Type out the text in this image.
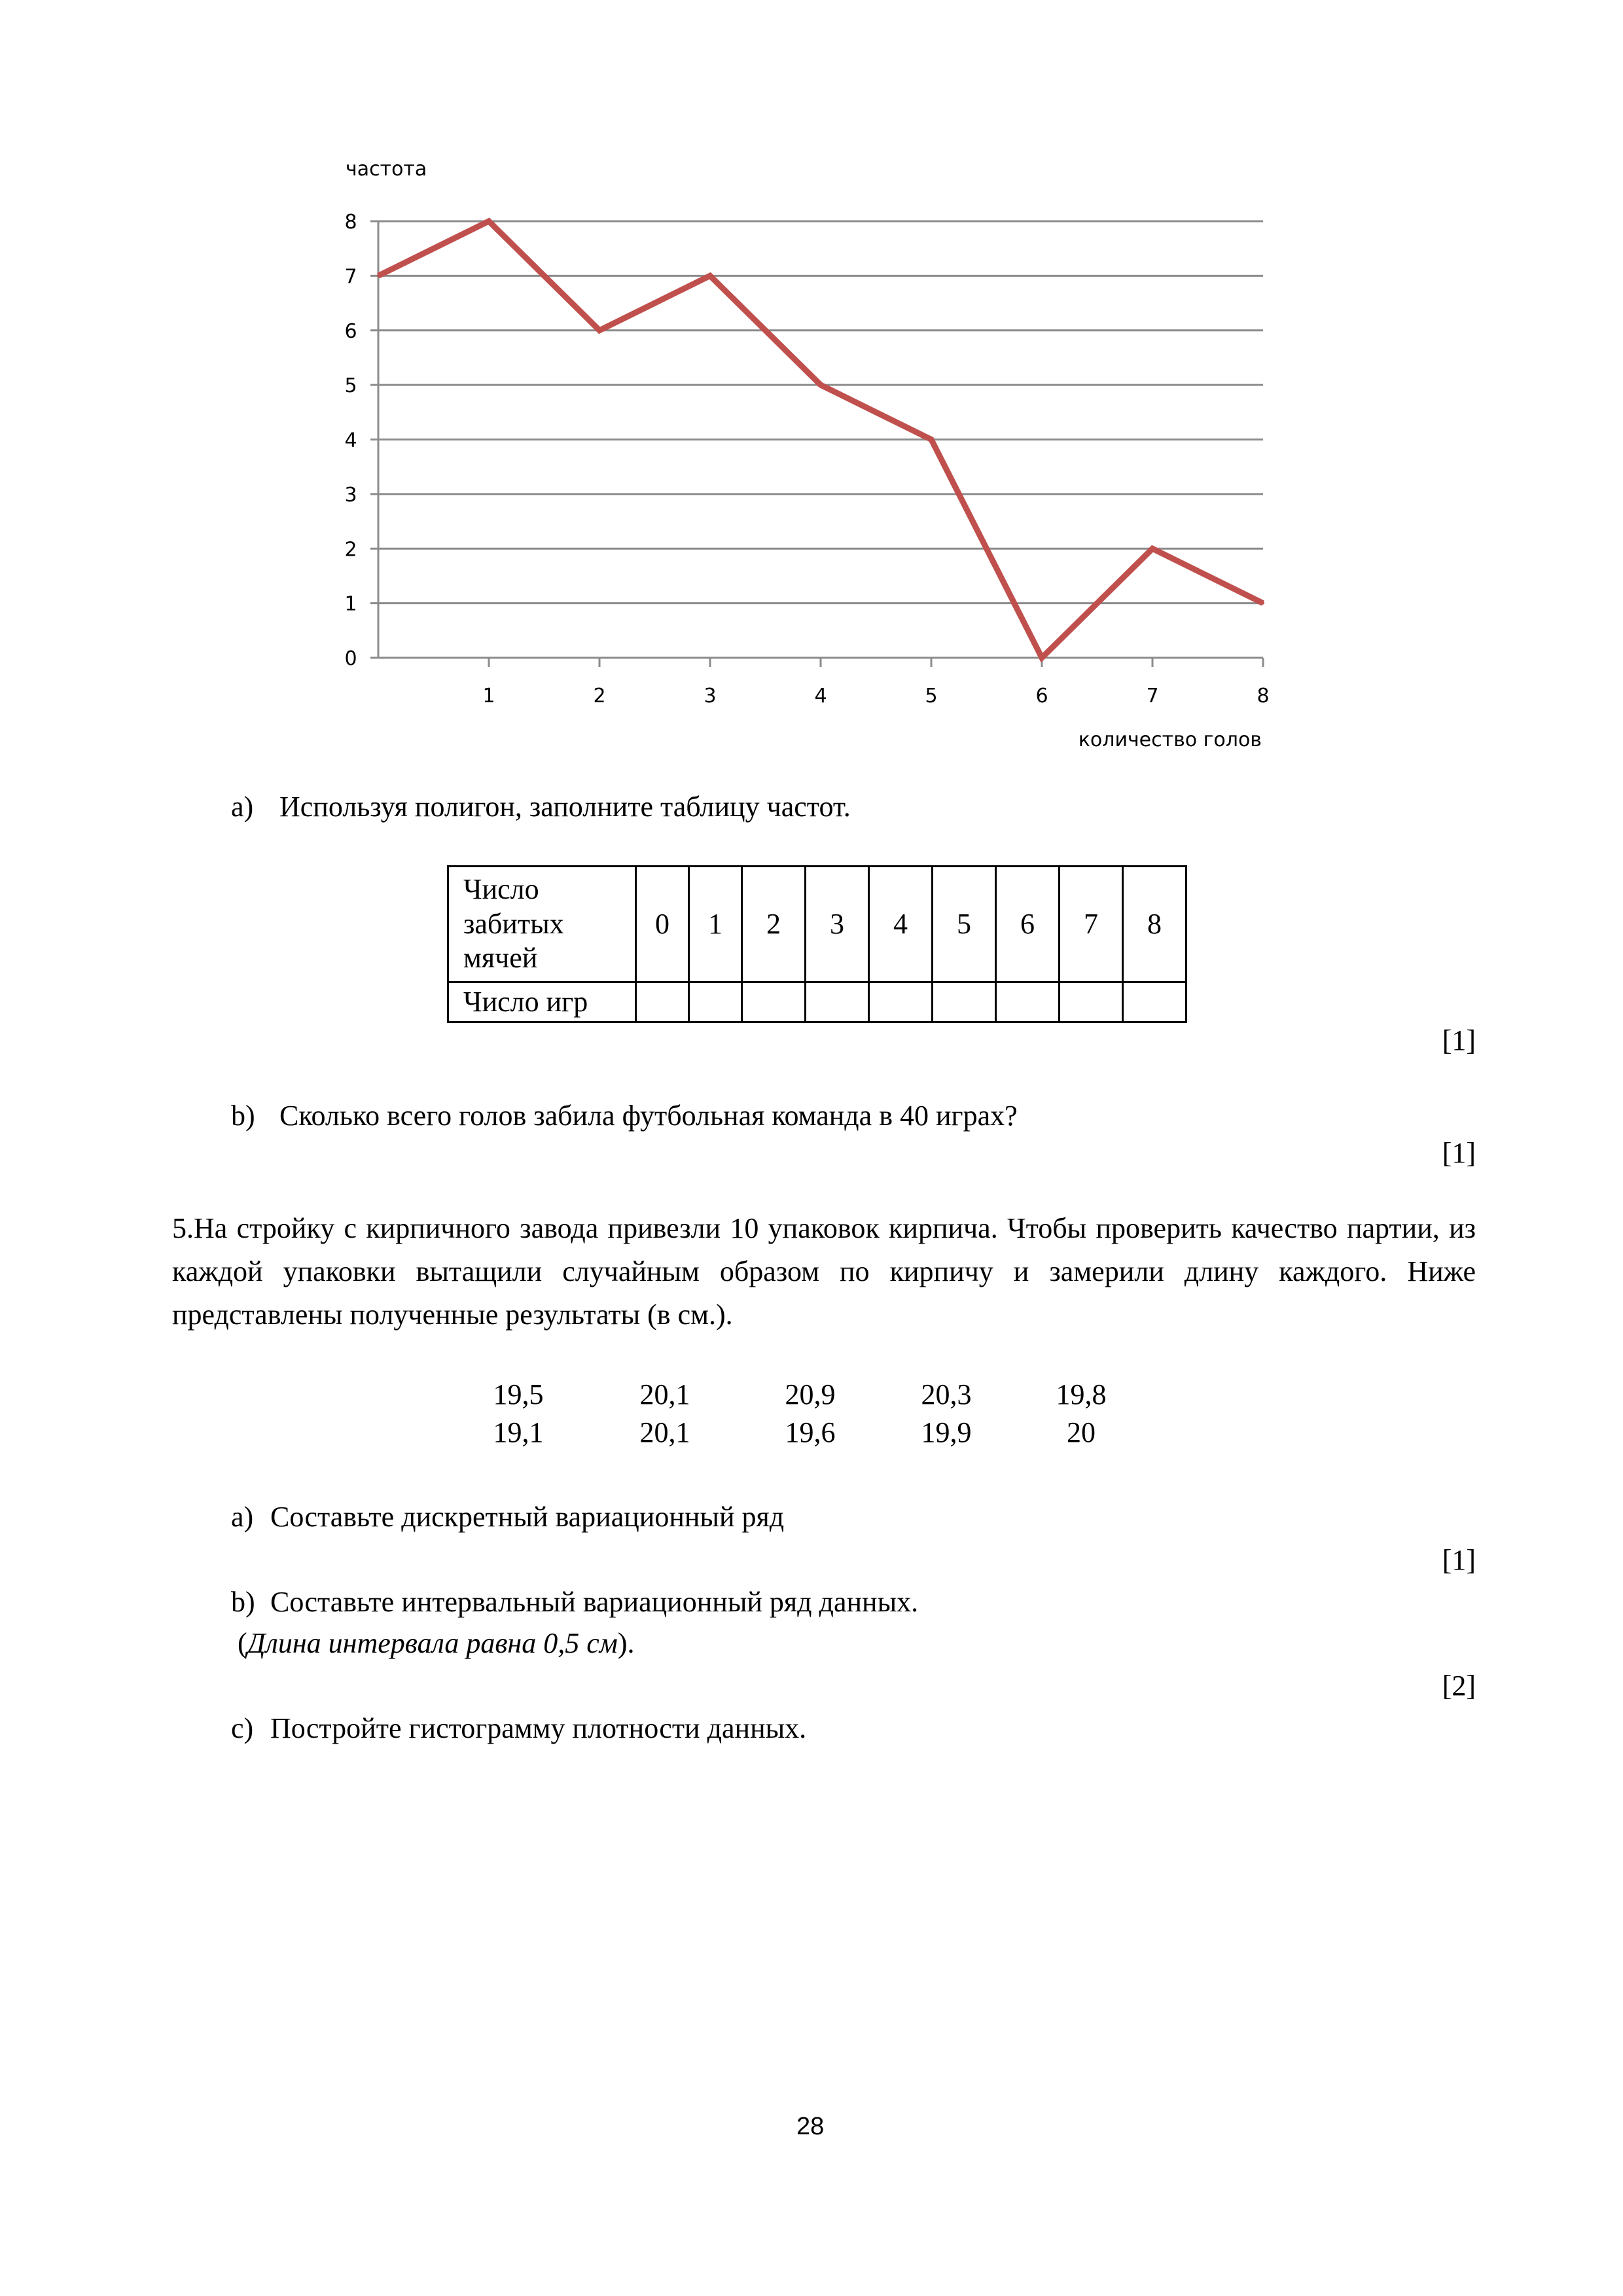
частота
0
1
2
3
4
5
6
7
8
1	2	3	4	5	6	7	8
количество голов
a) Используя полигон, заполните таблицу частот.
Число забитых мячей	0	1	2	3	4	5	6	7	8
Число игр									
[1]
b) Сколько всего голов забила футбольная команда в 40 играх?
[1]
5.На стройку с кирпичного завода привезли 10 упаковок кирпича. Чтобы проверить качество партии, из каждой упаковки вытащили случайным образом по кирпичу и замерили длину каждого. Ниже представлены полученные результаты (в см.).
19,5	20,1	20,9	20,3	19,8
19,1	20,1	19,6	19,9	20
a) Составьте дискретный вариационный ряд
[1]
b) Составьте интервальный вариационный ряд данных.
(Длина интервала равна 0,5 см).
[2]
c) Постройте гистограмму плотности данных.
28
